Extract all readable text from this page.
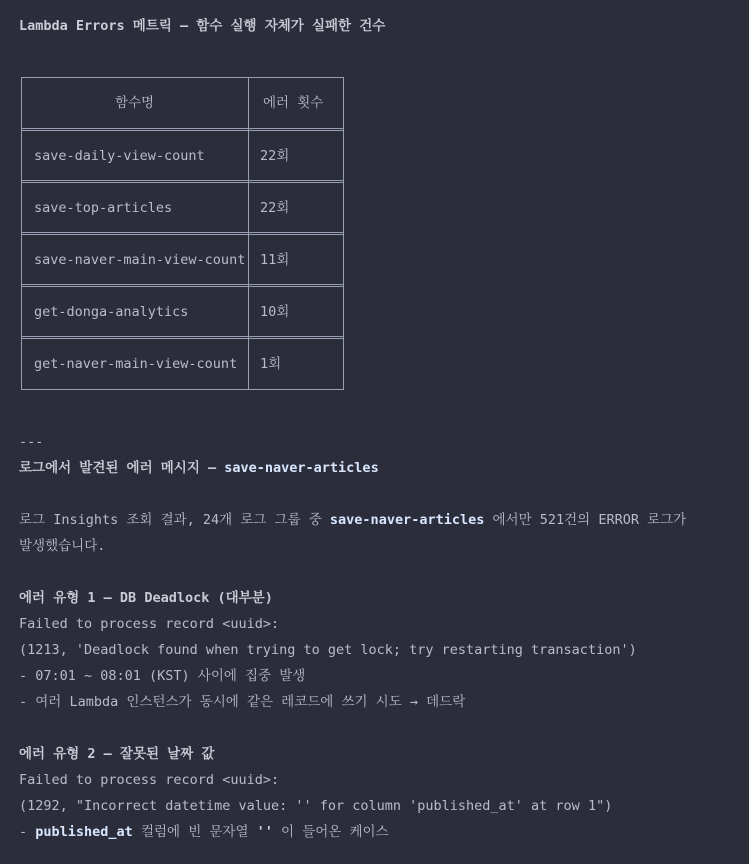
Lambda Errors 메트릭 — 함수 실행 자체가 실패한 건수
함수명	에러 횟수
save-daily-view-count	22회
save-top-articles	22회
save-naver-main-view-count 11회
get-donga-analytics	10회
get-naver-main-view-count 1회
---
로그에서 발견된 에러 메시지 — save-naver-articles
로그 Insights 조회 결과, 24개 로그 그룹 중 save-naver-articles 에서만 521건의 ERROR 로그가
발생했습니다.
에러 유형 1 — DB Deadlock (대부분)
Failed to process record <uuid>:
(1213, 'Deadlock found when trying to get lock; try restarting transaction')
- 07:01 ~ 08:01 (KST) 사이에 집중 발생
- 여러 Lambda 인스턴스가 동시에 같은 레코드에 쓰기 시도 → 데드락
에러 유형 2 — 잘못된 날짜 값
Failed to process record <uuid>:
(1292, "Incorrect datetime value: '' for column 'published_at' at row 1")
- published_at 컬럼에 빈 문자열 '' 이 들어온 케이스
